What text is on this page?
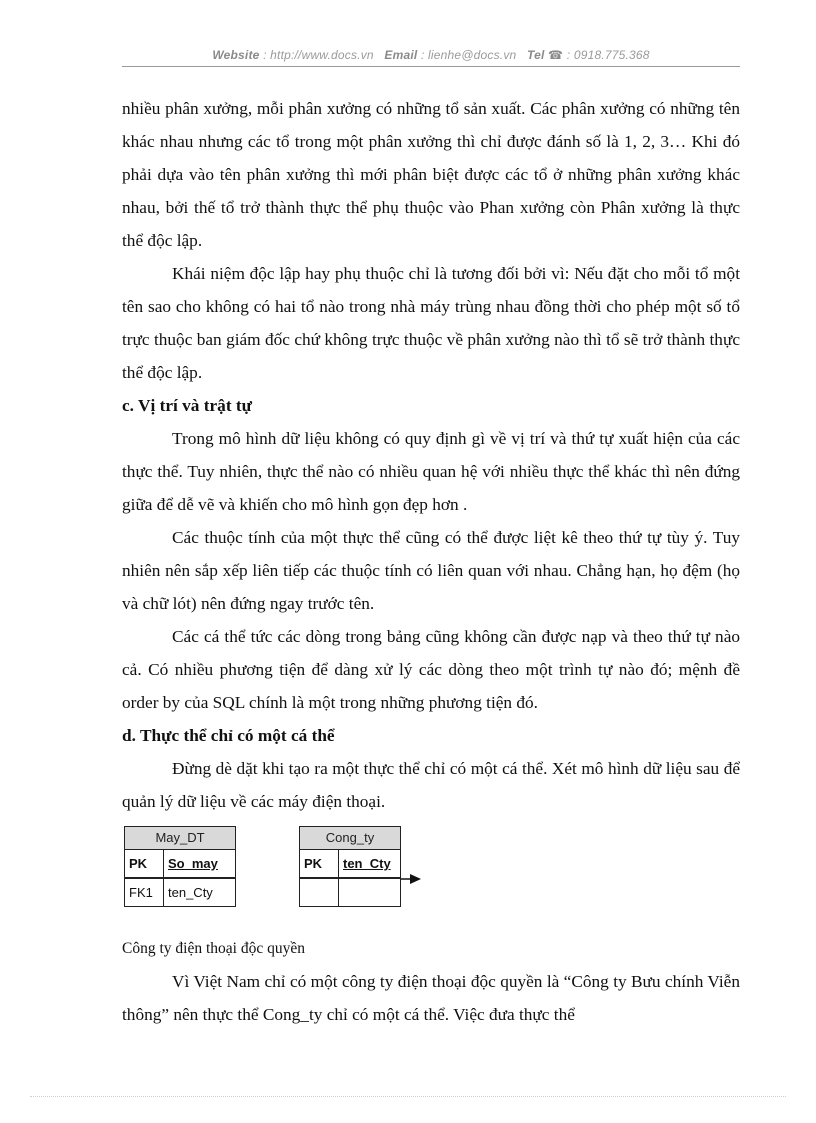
Website : http://www.docs.vn Email : lienhe@docs.vn Tel ☎ : 0918.775.368

nhiều phân xưởng, mỗi phân xưởng có những tổ sản xuất. Các phân xưởng có những tên khác nhau nhưng các tổ trong một phân xưởng thì chỉ được đánh số là 1, 2, 3… Khi đó phải dựa vào tên phân xưởng thì mới phân biệt được các tổ ở những phân xưởng khác nhau, bởi thế tổ trở thành thực thể phụ thuộc vào Phan xưởng còn Phân xưởng là thực thể độc lập.

Khái niệm độc lập hay phụ thuộc chỉ là tương đối bởi vì: Nếu đặt cho mỗi tổ một tên sao cho không có hai tổ nào trong nhà máy trùng nhau đồng thời cho phép một số tổ trực thuộc ban giám đốc chứ không trực thuộc về phân xưởng nào thì tổ sẽ trở thành thực thể độc lập.

c. Vị trí và trật tự

Trong mô hình dữ liệu không có quy định gì về vị trí và thứ tự xuất hiện của các thực thể. Tuy nhiên, thực thể nào có nhiều quan hệ với nhiều thực thể khác thì nên đứng giữa để dễ vẽ và khiến cho mô hình gọn đẹp hơn .

Các thuộc tính của một thực thể cũng có thể được liệt kê theo thứ tự tùy ý. Tuy nhiên nên sắp xếp liên tiếp các thuộc tính có liên quan với nhau. Chẳng hạn, họ đệm (họ và chữ lót) nên đứng ngay trước tên.

Các cá thể tức các dòng trong bảng cũng không cần được nạp và theo thứ tự nào cả. Có nhiều phương tiện để dàng xử lý các dòng theo một trình tự nào đó; mệnh đề order by của SQL chính là một trong những phương tiện đó.

d. Thực thể chỉ có một cá thể

Đừng dè dặt khi tạo ra một thực thể chỉ có một cá thể. Xét mô hình dữ liệu sau để quản lý dữ liệu về các máy điện thoại.

May_DT
PK	So_may
FK1	ten_Cty
Cong_ty
PK	ten_Cty

Công ty điện thoại độc quyền

Vì Việt Nam chỉ có một công ty điện thoại độc quyền là “Công ty Bưu chính Viễn thông” nên thực thể Cong_ty chỉ có một cá thể. Việc đưa thực thể
